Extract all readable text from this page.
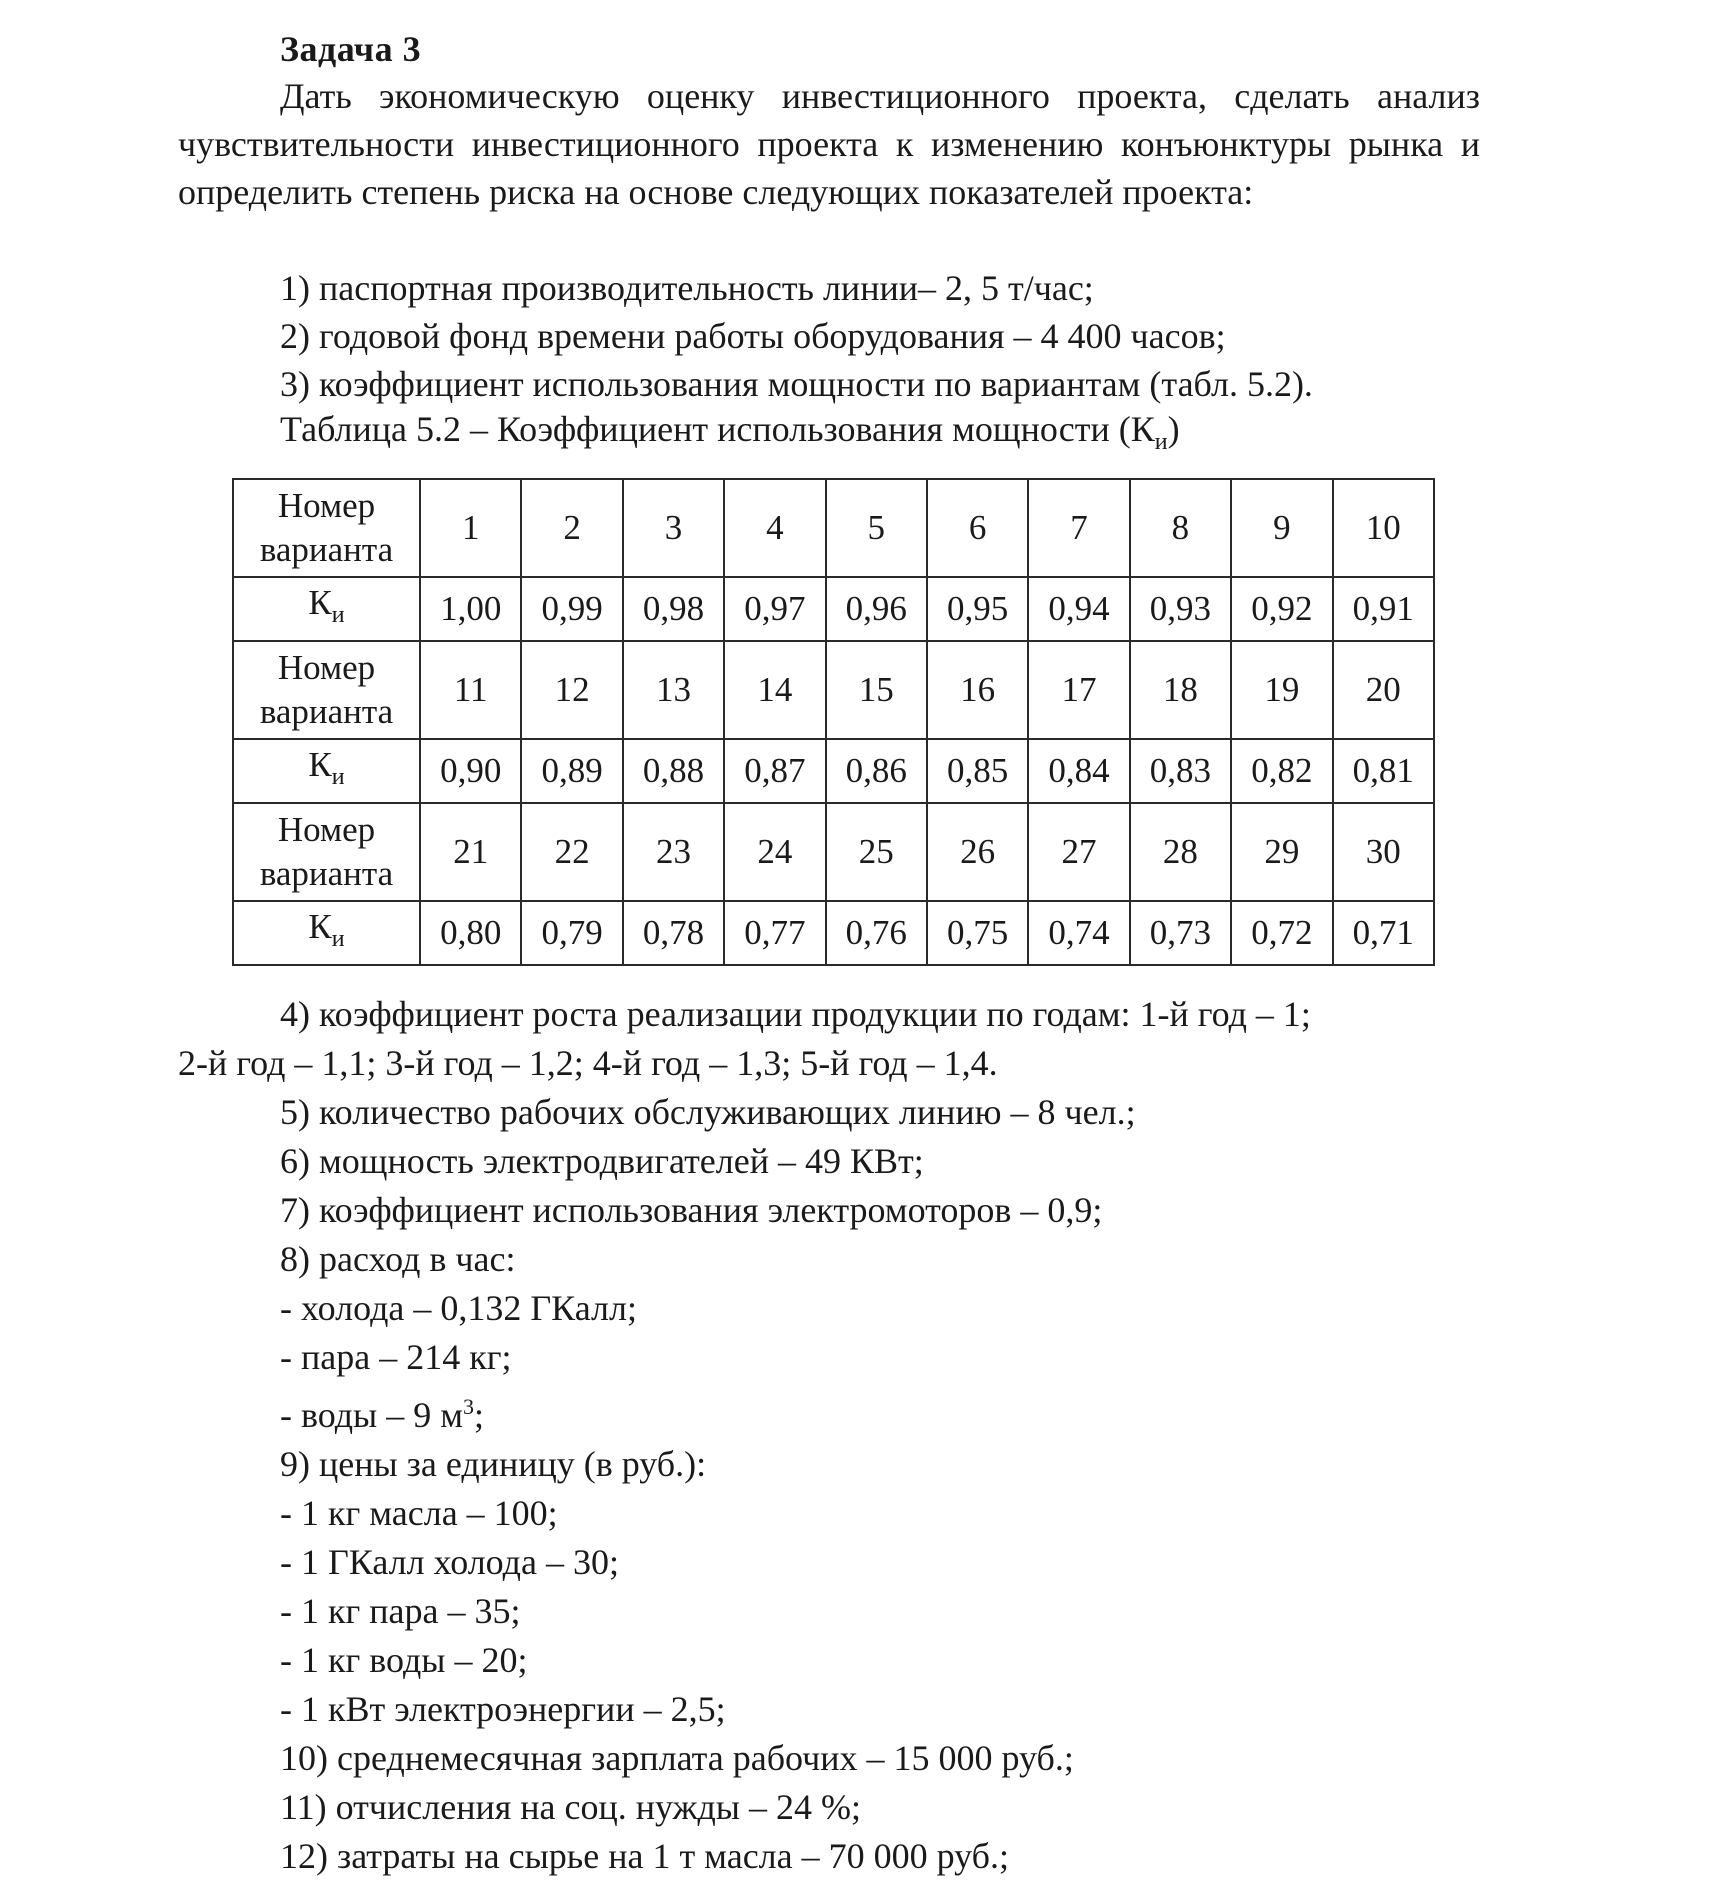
Задача 3
Дать экономическую оценку инвестиционного проекта, сделать анализ чувствительности инвестиционного проекта к изменению конъюнктуры рынка и определить степень риска на основе следующих показателей проекта:
1) паспортная производительность линии– 2, 5 т/час;
2) годовой фонд времени работы оборудования – 4 400 часов;
3) коэффициент использования мощности по вариантам (табл. 5.2).
Таблица 5.2 – Коэффициент использования мощности $(К_и)$
Номер варианта	1	2	3	4	5	6	7	8	9	10
$К_и$	1,00	0,99	0,98	0,97	0,96	0,95	0,94	0,93	0,92	0,91
Номер варианта	11	12	13	14	15	16	17	18	19	20
$К_и$	0,90	0,89	0,88	0,87	0,86	0,85	0,84	0,83	0,82	0,81
Номер варианта	21	22	23	24	25	26	27	28	29	30
$К_и$	0,80	0,79	0,78	0,77	0,76	0,75	0,74	0,73	0,72	0,71
4) коэффициент роста реализации продукции по годам: 1-й год – 1;
2-й год – 1,1; 3-й год – 1,2; 4-й год – 1,3; 5-й год – 1,4.
5) количество рабочих обслуживающих линию – 8 чел.;
6) мощность электродвигателей – 49 КВт;
7) коэффициент использования электромоторов – 0,9;
8) расход в час:
- холода – 0,132 ГКалл;
- пара – 214 кг;
- воды – 9 $м^3$;
9) цены за единицу (в руб.):
- 1 кг масла – 100;
- 1 ГКалл холода – 30;
- 1 кг пара – 35;
- 1 кг воды – 20;
- 1 кВт электроэнергии – 2,5;
10) среднемесячная зарплата рабочих – 15 000 руб.;
11) отчисления на соц. нужды – 24 %;
12) затраты на сырье на 1 т масла – 70 000 руб.;
